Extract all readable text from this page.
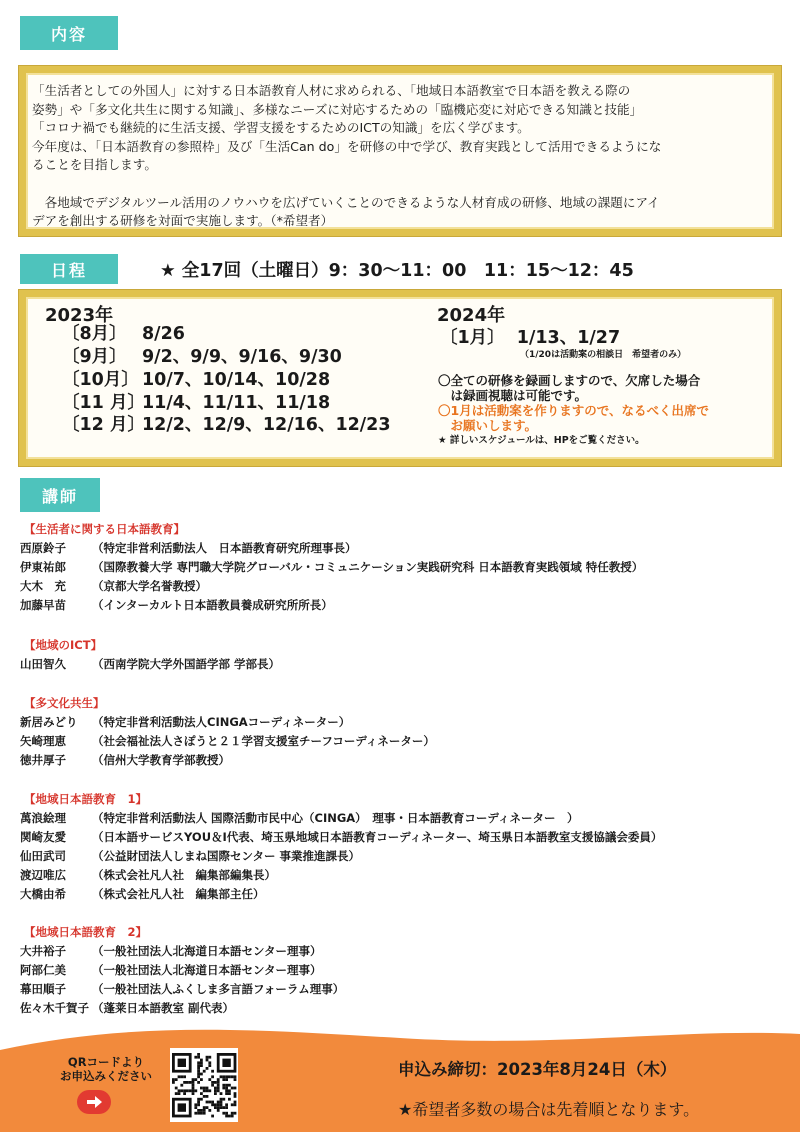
内容

「生活者としての外国人」に対する日本語教育人材に求められる、「地域日本語教室で日本語を教える際の

姿勢」や「多文化共生に関する知識」、多様なニーズに対応するための「臨機応変に対応できる知識と技能」

「コロナ禍でも継続的に生活支援、学習支援をするためのICTの知識」を広く学びます。

今年度は、「日本語教育の参照枠」及び「生活Can do」を研修の中で学び、教育実践として活用できるようにな

ることを目指します。

　各地域でデジタルツール活用のノウハウを広げていくことのできるような人材育成の研修、地域の課題にアイ

デアを創出する研修を対面で実施します。（*希望者）

日程	★ 全17回（土曜日）9：30〜11：00　11：15〜12：45
2023年
〔8月〕 8/26
〔9月〕 9/2、9/9、9/16、9/30
〔10月〕 10/7、10/14、10/28
〔11 月〕11/4、11/11、11/18
〔12 月〕12/2、12/9、12/16、12/23
2024年
〔1月〕 1/13、1/27
（1/20は活動案の相談日　希望者のみ）
〇全ての研修を録画しますので、欠席した場合
　は録画視聴は可能です。
〇1月は活動案を作りますので、なるべく出席で
　お願いします。
★ 詳しいスケジュールは、HPをご覧ください。
講師
【生活者に関する日本語教育】
西原鈴子 （特定非営利活動法人　日本語教育研究所理事長）
伊東祐郎 （国際教養大学 専門職大学院グローバル・コミュニケーション実践研究科 日本語教育実践領域 特任教授）
大木　充 （京都大学名誉教授）
加藤早苗 （インターカルト日本語教員養成研究所所長）
【地域のICT】
山田智久 （西南学院大学外国語学部 学部長）
【多文化共生】
新居みどり （特定非営利活動法人CINGAコーディネーター）
矢崎理恵 （社会福祉法人さぽうと２１学習支援室チーフコーディネーター）
徳井厚子 （信州大学教育学部教授）
【地域日本語教育　1】
萬浪絵理 （特定非営利活動法人 国際活動市民中心（CINGA）　理事・日本語教育コーディネーター　）
関崎友愛 （日本語サービスYOU＆I代表、埼玉県地域日本語教育コーディネーター、埼玉県日本語教室支援協議会委員）
仙田武司 （公益財団法人しまね国際センター 事業推進課長）
渡辺唯広 （株式会社凡人社　編集部編集長）
大橋由希 （株式会社凡人社　編集部主任）
【地域日本語教育　2】
大井裕子 （一般社団法人北海道日本語センター理事）
阿部仁美 （一般社団法人北海道日本語センター理事）
幕田順子 （一般社団法人ふくしま多言語フォーラム理事）
佐々木千賀子 （蓬莱日本語教室 副代表）
QRコードより
お申込みください	申込み締切：2023年8月24日（木）
★希望者多数の場合は先着順となります。
